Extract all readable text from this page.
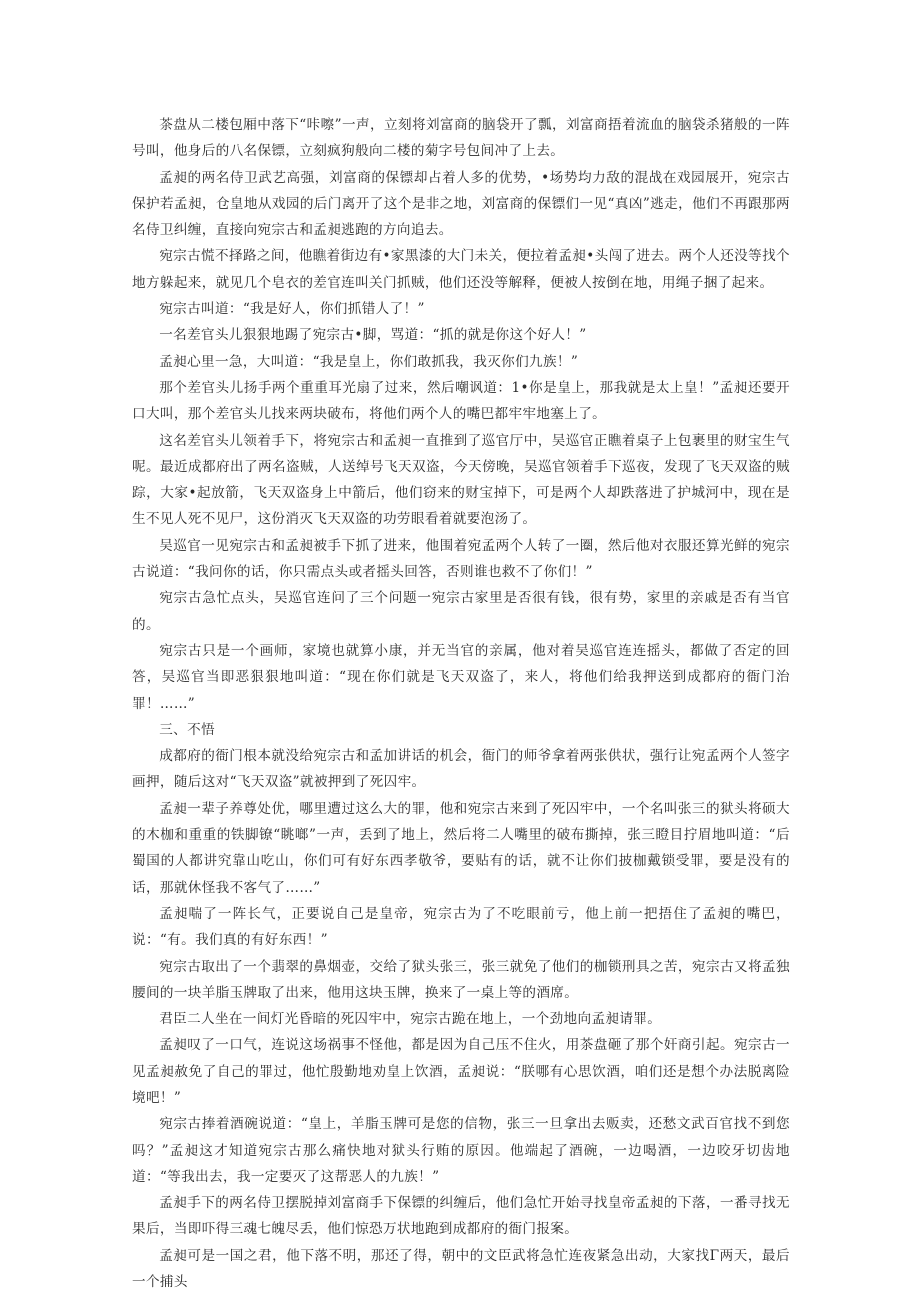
茶盘从二楼包厢中落下“咔嚓”一声，立刻将刘富商的脑袋开了瓢，刘富商捂着流血的脑袋杀猪般的一阵号叫，他身后的八名保镖，立刻疯狗般向二楼的菊字号包间冲了上去。

孟昶的两名侍卫武艺高强，刘富商的保镖却占着人多的优势，•场势均力敌的混战在戏园展开，宛宗古保护若孟昶，仓皇地从戏园的后门离开了这个是非之地，刘富商的保镖们一见“真凶”逃走，他们不再跟那两名侍卫纠缠，直接向宛宗古和孟昶逃跑的方向追去。

宛宗古慌不择路之间，他瞧着街边有•家黑漆的大门未关，便拉着孟昶•头闯了进去。两个人还没等找个地方躲起来，就见几个皂衣的差官连叫关门抓贼，他们还没等解释，便被人按倒在地，用绳子捆了起来。

宛宗古叫道：“我是好人，你们抓错人了！”

一名差官头儿狠狠地踢了宛宗古•脚，骂道：“抓的就是你这个好人！”

孟昶心里一急，大叫道：“我是皇上，你们敢抓我，我灭你们九族！”

那个差官头儿扬手两个重重耳光扇了过来，然后嘲讽道：1•你是皇上，那我就是太上皇！”孟昶还要开口大叫，那个差官头儿找来两块破布，将他们两个人的嘴巴都牢牢地塞上了。

这名差官头儿领着手下，将宛宗古和孟昶一直推到了巡官厅中，吴巡官正瞧着桌子上包裹里的财宝生气呢。最近成都府出了两名盗贼，人送绰号飞天双盗，今天傍晚，吴巡官领着手下巡夜，发现了飞天双盗的贼踪，大家•起放箭，飞天双盗身上中箭后，他们窃来的财宝掉下，可是两个人却跌落进了护城河中，现在是生不见人死不见尸，这份消灭飞天双盗的功劳眼看着就要泡汤了。

吴巡官一见宛宗古和孟昶被手下抓了进来，他围着宛孟两个人转了一圈，然后他对衣服还算光鲜的宛宗古说道：“我问你的话，你只需点头或者摇头回答，否则谁也救不了你们！”

宛宗古急忙点头，吴巡官连问了三个问题一宛宗古家里是否很有钱，很有势，家里的亲戚是否有当官的。

宛宗古只是一个画师，家境也就算小康，并无当官的亲属，他对着吴巡官连连摇头，都做了否定的回答，吴巡官当即恶狠狠地叫道：“现在你们就是飞天双盗了，来人，将他们给我押送到成都府的衙门治罪！……”

三、不悟

成都府的衙门根本就没给宛宗古和孟加讲话的机会，衙门的师爷拿着两张供状，强行让宛孟两个人签字画押，随后这对“飞天双盗”就被押到了死囚牢。

孟昶一辈子养尊处优，哪里遭过这么大的罪，他和宛宗古来到了死囚牢中，一个名叫张三的狱头将硕大的木枷和重重的铁脚镣“眺啷”一声，丢到了地上，然后将二人嘴里的破布撕掉，张三瞪目拧眉地叫道：“后蜀国的人都讲究靠山吃山，你们可有好东西孝敬爷，要贴有的话，就不让你们披枷戴锁受罪，要是没有的话，那就休怪我不客气了……”

孟昶喘了一阵长气，正要说自己是皇帝，宛宗古为了不吃眼前亏，他上前一把捂住了孟昶的嘴巴，说：“有。我们真的有好东西！”

宛宗古取出了一个翡翠的鼻烟壶，交给了狱头张三，张三就免了他们的枷锁刑具之苦，宛宗古又将孟独腰间的一块羊脂玉牌取了出来，他用这块玉牌，换来了一桌上等的酒席。

君臣二人坐在一间灯光昏暗的死囚牢中，宛宗古跪在地上，一个劲地向孟昶请罪。

孟昶叹了一口气，连说这场祸事不怪他，都是因为自己压不住火，用茶盘砸了那个奸商引起。宛宗古一见孟昶赦免了自己的罪过，他忙殷勤地劝皇上饮酒，孟昶说：“朕哪有心思饮酒，咱们还是想个办法脱离险境吧！”

宛宗古捧着酒碗说道：“皇上，羊脂玉牌可是您的信物，张三一旦拿出去贩卖，还愁文武百官找不到您吗？”孟昶这才知道宛宗古那么痛快地对狱头行贿的原因。他端起了酒碗，一边喝酒，一边咬牙切齿地道：“等我出去，我一定要灭了这帮恶人的九族！”

孟昶手下的两名侍卫摆脱掉刘富商手下保镖的纠缠后，他们急忙开始寻找皇帝孟昶的下落，一番寻找无果后，当即吓得三魂七魄尽丢，他们惊恐万状地跑到成都府的衙门报案。

孟昶可是一国之君，他下落不明，那还了得，朝中的文臣武将急忙连夜紧急出动，大家找Γ两天，最后一个捕头
